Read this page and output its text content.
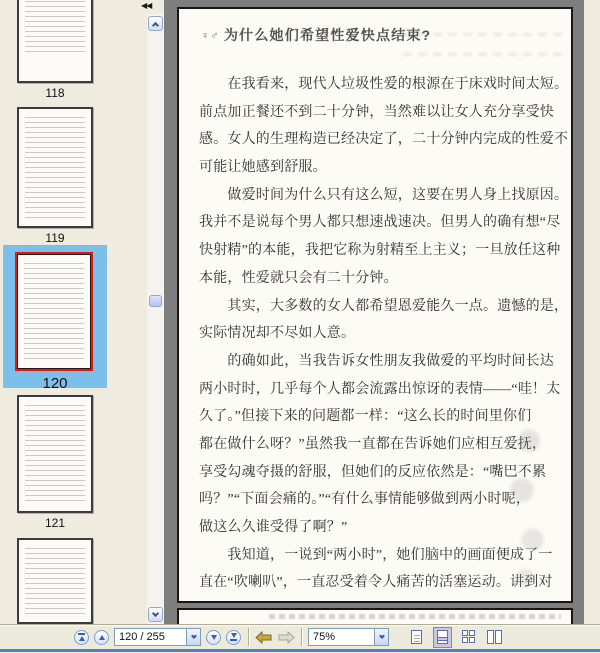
◀◀
118
119
120
121
♀♂ 为什么她们希望性爱快点结束?
　　在我看来，现代人垃圾性爱的根源在于床戏时间太短。
前点加正餐还不到二十分钟，当然难以让女人充分享受快
感。女人的生理构造已经决定了，二十分钟内完成的性爱不
可能让她感到舒服。
　　做爱时间为什么只有这么短，这要在男人身上找原因。
我并不是说每个男人都只想速战速决。但男人的确有想“尽
快射精”的本能，我把它称为射精至上主义；一旦放任这种
本能，性爱就只会有二十分钟。
　　其实，大多数的女人都希望恩爱能久一点。遗憾的是，
实际情况却不尽如人意。
　　的确如此，当我告诉女性朋友我做爱的平均时间长达
两小时时，几乎每个人都会流露出惊讶的表情——“哇！太
久了。”但接下来的问题都一样：“这么长的时间里你们
都在做什么呀？”虽然我一直都在告诉她们应相互爱抚，
享受勾魂夺摄的舒服，但她们的反应依然是：“嘴巴不累
吗？”“下面会痛的。”“有什么事情能够做到两小时呢，
做这么久谁受得了啊？”
　　我知道，一说到“两小时”，她们脑中的画面便成了一
直在“吹喇叭”，一直忍受着令人痛苦的活塞运动。讲到对
120 / 255
75%
